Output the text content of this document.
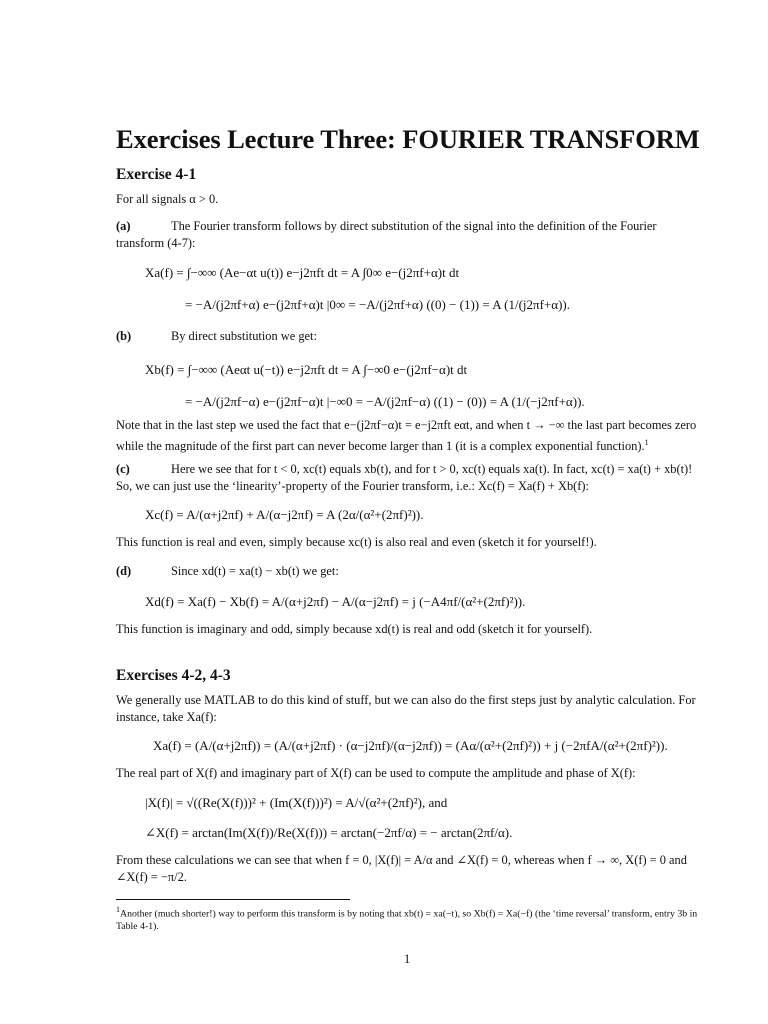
Exercises Lecture Three: FOURIER TRANSFORM
Exercise 4-1
For all signals α > 0.
(a)	The Fourier transform follows by direct substitution of the signal into the definition of the Fourier transform (4-7):
Xa(f) = ∫−∞∞ (Ae−αt u(t)) e−j2πft dt = A ∫0∞ e−(j2πf+α)t dt
= −A/(j2πf+α) e−(j2πf+α)t |0∞ = −A/(j2πf+α) ((0) − (1)) = A (1/(j2πf+α)).
(b)	By direct substitution we get:
Xb(f) = ∫−∞∞ (Aeαt u(−t)) e−j2πft dt = A ∫−∞0 e−(j2πf−α)t dt
= −A/(j2πf−α) e−(j2πf−α)t |−∞0 = −A/(j2πf−α) ((1) − (0)) = A (1/(−j2πf+α)).
Note that in the last step we used the fact that e−(j2πf−α)t = e−j2πft eαt, and when t → −∞ the last part becomes zero while the magnitude of the first part can never become larger than 1 (it is a complex exponential function).$^1$
(c)	Here we see that for t < 0, xc(t) equals xb(t), and for t > 0, xc(t) equals xa(t). In fact, xc(t) = xa(t) + xb(t)! So, we can just use the ‘linearity’-property of the Fourier transform, i.e.: Xc(f) = Xa(f) + Xb(f):
Xc(f) = A/(α+j2πf) + A/(α−j2πf) = A (2α/(α²+(2πf)²)).
This function is real and even, simply because xc(t) is also real and even (sketch it for yourself!).
(d)	Since xd(t) = xa(t) − xb(t) we get:
Xd(f) = Xa(f) − Xb(f) = A/(α+j2πf) − A/(α−j2πf) = j (−A4πf/(α²+(2πf)²)).
This function is imaginary and odd, simply because xd(t) is real and odd (sketch it for yourself).
Exercises 4-2, 4-3
We generally use MATLAB to do this kind of stuff, but we can also do the first steps just by analytic calculation. For instance, take Xa(f):
Xa(f) = (A/(α+j2πf)) = (A/(α+j2πf) · (α−j2πf)/(α−j2πf)) = (Aα/(α²+(2πf)²)) + j (−2πfA/(α²+(2πf)²)).
The real part of X(f) and imaginary part of X(f) can be used to compute the amplitude and phase of X(f):
|X(f)| = √((Re(X(f)))² + (Im(X(f)))²) = A/√(α²+(2πf)²), and
∠X(f) = arctan(Im(X(f))/Re(X(f))) = arctan(−2πf/α) = − arctan(2πf/α).
From these calculations we can see that when f = 0, |X(f)| = A/α and ∠X(f) = 0, whereas when f → ∞, X(f) = 0 and ∠X(f) = −π/2.
$^1$Another (much shorter!) way to perform this transform is by noting that xb(t) = xa(−t), so Xb(f) = Xa(−f) (the ‘time reversal’ transform, entry 3b in Table 4-1).
1
